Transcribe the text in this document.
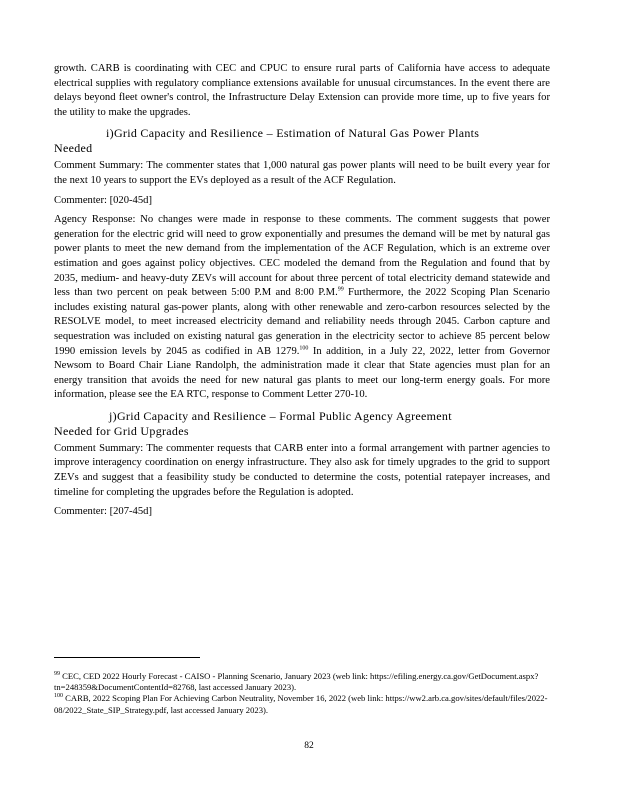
growth. CARB is coordinating with CEC and CPUC to ensure rural parts of California have access to adequate electrical supplies with regulatory compliance extensions available for unusual circumstances. In the event there are delays beyond fleet owner's control, the Infrastructure Delay Extension can provide more time, up to five years for the utility to make the upgrades.

i)Grid Capacity and Resilience – Estimation of Natural Gas Power Plants
Needed

Comment Summary: The commenter states that 1,000 natural gas power plants will need to be built every year for the next 10 years to support the EVs deployed as a result of the ACF Regulation.

Commenter: [020-45d]

Agency Response: No changes were made in response to these comments. The comment suggests that power generation for the electric grid will need to grow exponentially and presumes the demand will be met by natural gas power plants to meet the new demand from the implementation of the ACF Regulation, which is an extreme over estimation and goes against policy objectives. CEC modeled the demand from the Regulation and found that by 2035, medium- and heavy-duty ZEVs will account for about three percent of total electricity demand statewide and less than two percent on peak between 5:00 P.M and 8:00 P.M.$^{99}$ Furthermore, the 2022 Scoping Plan Scenario includes existing natural gas-power plants, along with other renewable and zero-carbon resources selected by the RESOLVE model, to meet increased electricity demand and reliability needs through 2045. Carbon capture and sequestration was included on existing natural gas generation in the electricity sector to achieve 85 percent below 1990 emission levels by 2045 as codified in AB 1279.$^{100}$ In addition, in a July 22, 2022, letter from Governor Newsom to Board Chair Liane Randolph, the administration made it clear that State agencies must plan for an energy transition that avoids the need for new natural gas plants to meet our long-term energy goals. For more information, please see the EA RTC, response to Comment Letter 270-10.

j)Grid Capacity and Resilience – Formal Public Agency Agreement
Needed for Grid Upgrades

Comment Summary: The commenter requests that CARB enter into a formal arrangement with partner agencies to improve interagency coordination on energy infrastructure. They also ask for timely upgrades to the grid to support ZEVs and suggest that a feasibility study be conducted to determine the costs, potential ratepayer increases, and timeline for completing the upgrades before the Regulation is adopted.

Commenter: [207-45d]

$^{99}$ CEC, CED 2022 Hourly Forecast - CAISO - Planning Scenario, January 2023 (web link: https://efiling.energy.ca.gov/GetDocument.aspx?tn=248359&DocumentContentId=82768, last accessed January 2023).

$^{100}$ CARB, 2022 Scoping Plan For Achieving Carbon Neutrality, November 16, 2022 (web link: https://ww2.arb.ca.gov/sites/default/files/2022-08/2022_State_SIP_Strategy.pdf, last accessed January 2023).

82
